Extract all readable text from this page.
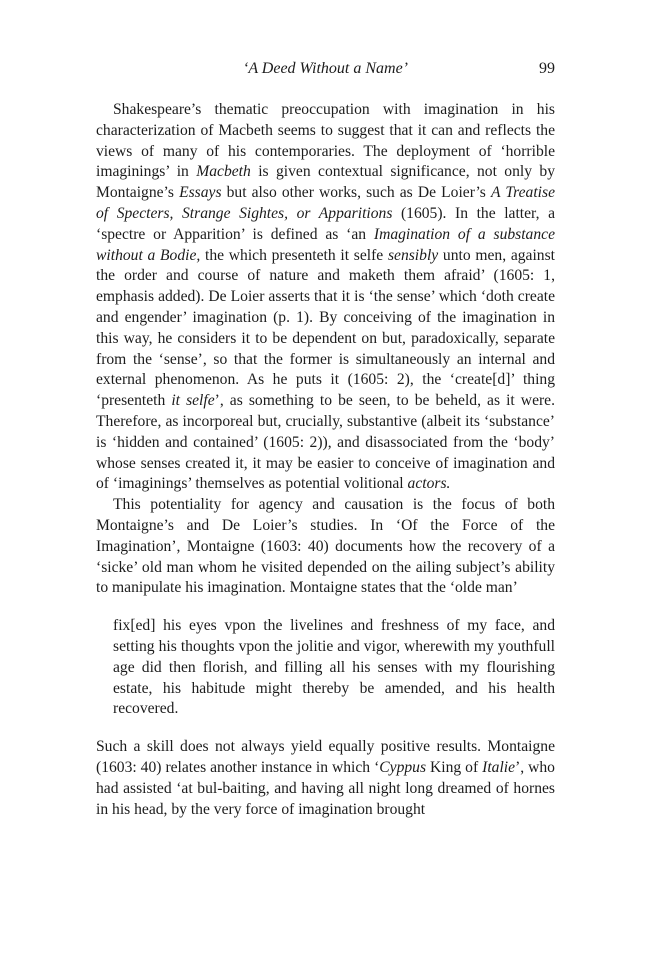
‘A Deed Without a Name’	99

Shakespeare’s thematic preoccupation with imagination in his characterization of Macbeth seems to suggest that it can and reflects the views of many of his contemporaries. The deployment of ‘horrible imaginings’ in Macbeth is given contextual significance, not only by Montaigne’s Essays but also other works, such as De Loier’s A Treatise of Specters, Strange Sightes, or Apparitions (1605). In the latter, a ‘spectre or Apparition’ is defined as ‘an Imagination of a substance without a Bodie, the which presenteth it selfe sensibly unto men, against the order and course of nature and maketh them afraid’ (1605: 1, emphasis added). De Loier asserts that it is ‘the sense’ which ‘doth create and engender’ imagination (p. 1). By conceiving of the imagination in this way, he considers it to be dependent on but, paradoxically, separate from the ‘sense’, so that the former is simultaneously an internal and external phenomenon. As he puts it (1605: 2), the ‘create[d]’ thing ‘presenteth it selfe’, as something to be seen, to be beheld, as it were. Therefore, as incorporeal but, crucially, substantive (albeit its ‘substance’ is ‘hidden and contained’ (1605: 2)), and disassociated from the ‘body’ whose senses created it, it may be easier to conceive of imagination and of ‘imaginings’ themselves as potential volitional actors.

This potentiality for agency and causation is the focus of both Montaigne’s and De Loier’s studies. In ‘Of the Force of the Imagination’, Montaigne (1603: 40) documents how the recovery of a ‘sicke’ old man whom he visited depended on the ailing subject’s ability to manipulate his imagination. Montaigne states that the ‘olde man’

fix[ed] his eyes vpon the livelines and freshness of my face, and setting his thoughts vpon the jolitie and vigor, wherewith my youthfull age did then florish, and filling all his senses with my flourishing estate, his habitude might thereby be amended, and his health recovered.

Such a skill does not always yield equally positive results. Montaigne (1603: 40) relates another instance in which ‘Cyppus King of Italie’, who had assisted ‘at bul-baiting, and having all night long dreamed of hornes in his head, by the very force of imagination brought
